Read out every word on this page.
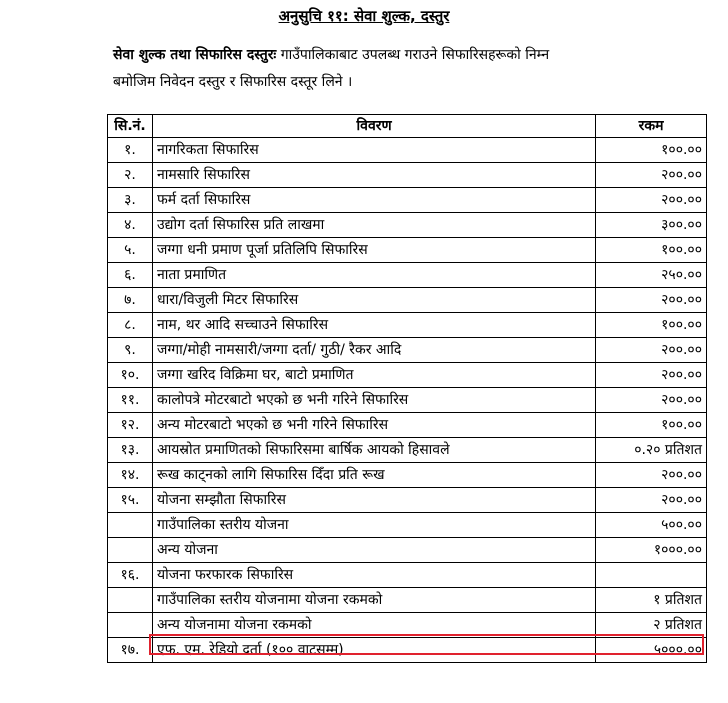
अनुसुचि ११: सेवा शुल्क, दस्तुर
सेवा शुल्क तथा सिफारिस दस्तुरः गाउँपालिकाबाट उपलब्ध गराउने सिफारिसहरूको निम्न
बमोजिम निवेदन दस्तुर र सिफारिस दस्तूर लिने ।
सि.नं.	विवरण	रकम
१.	नागरिकता सिफारिस	१००.००
२.	नामसारि सिफारिस	२००.००
३.	फर्म दर्ता सिफारिस	२००.००
४.	उद्योग दर्ता सिफारिस प्रति लाखमा	३००.००
५.	जग्गा धनी प्रमाण पूर्जा प्रतिलिपि सिफारिस	१००.००
६.	नाता प्रमाणित	२५०.००
७.	धारा/विजुली मिटर सिफारिस	२००.००
८.	नाम, थर आदि सच्चाउने सिफारिस	१००.००
९.	जग्गा/मोही नामसारी/जग्गा दर्ता/ गुठी/ रैकर आदि	२००.००
१०.	जग्गा खरिद विक्रिमा घर, बाटो प्रमाणित	२००.००
११.	कालोपत्रे मोटरबाटो भएको छ भनी गरिने सिफारिस	२००.००
१२.	अन्य मोटरबाटो भएको छ भनी गरिने सिफारिस	१००.००
१३.	आयस्रोत प्रमाणितको सिफारिसमा बार्षिक आयको हिसावले	०.२० प्रतिशत
१४.	रूख काट्नको लागि सिफारिस दिँदा प्रति रूख	२००.००
१५.	योजना सम्झौता सिफारिस	२००.००
	गाउँपालिका स्तरीय योजना	५००.००
	अन्य योजना	१०००.००
१६.	योजना फरफारक सिफारिस	
	गाउँपालिका स्तरीय योजनामा योजना रकमको	१ प्रतिशत
	अन्य योजनामा योजना रकमको	२ प्रतिशत
१७.	एफ. एम. रेडियो दर्ता (१०० वाटसम्म)	५०००.००
